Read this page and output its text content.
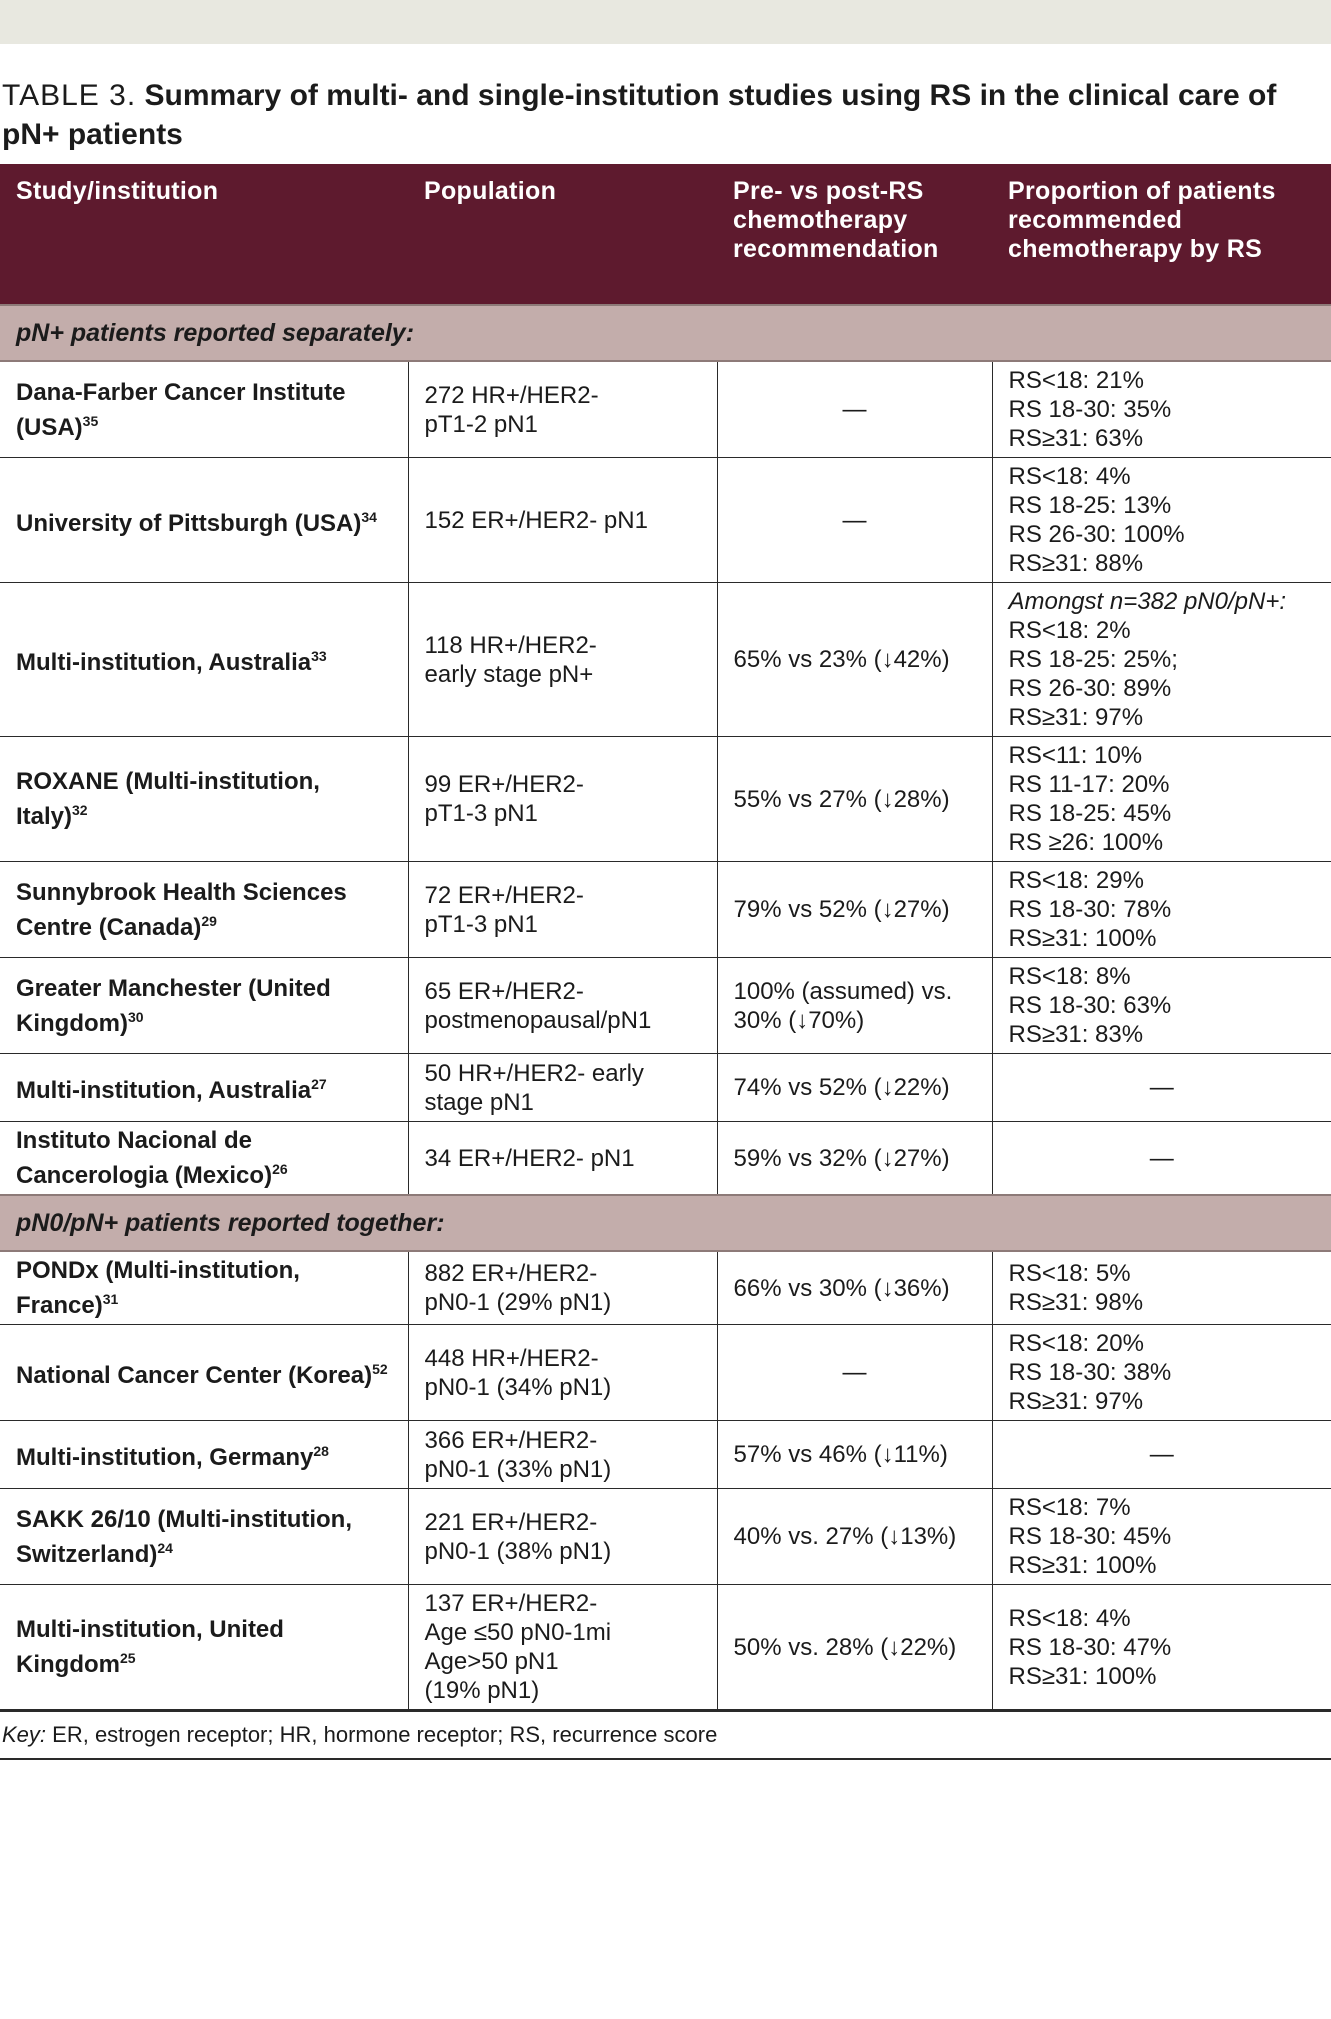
TABLE 3. Summary of multi- and single-institution studies using RS in the clinical care of pN+ patients
Study/institution	Population	Pre- vs post-RS chemotherapy recommendation	Proportion of patients recommended chemotherapy by RS
pN+ patients reported separately:			
Dana-Farber Cancer Institute (USA)$^{35}$	272 HR+/HER2-
pT1-2 pN1	—	RS<18: 21%
RS 18-30: 35%
RS≥31: 63%

University of Pittsburgh (USA)$^{34}$	152 ER+/HER2- pN1	—	RS<18: 4%
RS 18-25: 13%
RS 26-30: 100%
RS≥31: 88%

Multi-institution, Australia$^{33}$	118 HR+/HER2-
early stage pN+	65% vs 23% (↓42%)	Amongst n=382 pN0/pN+:
RS<18: 2%
RS 18-25: 25%;
RS 26-30: 89%
RS≥31: 97%

ROXANE (Multi-institution, Italy)$^{32}$	99 ER+/HER2-
pT1-3 pN1	55% vs 27% (↓28%)	RS<11: 10%
RS 11-17: 20%
RS 18-25: 45%
RS ≥26: 100%

Sunnybrook Health Sciences Centre (Canada)$^{29}$	72 ER+/HER2-
pT1-3 pN1	79% vs 52% (↓27%)	RS<18: 29%
RS 18-30: 78%
RS≥31: 100%

Greater Manchester (United Kingdom)$^{30}$	65 ER+/HER2-
postmenopausal/pN1	100% (assumed) vs. 30% (↓70%)	RS<18: 8%
RS 18-30: 63%
RS≥31: 83%

Multi-institution, Australia$^{27}$	50 HR+/HER2- early stage pN1	74% vs 52% (↓22%)	—
Instituto Nacional de Cancerologia (Mexico)$^{26}$	34 ER+/HER2- pN1	59% vs 32% (↓27%)	—
pN0/pN+ patients reported together:			
PONDx (Multi-institution, France)$^{31}$	882 ER+/HER2-
pN0-1 (29% pN1)	66% vs 30% (↓36%)	RS<18: 5%
RS≥31: 98%

National Cancer Center (Korea)$^{52}$	448 HR+/HER2-
pN0-1 (34% pN1)	—	RS<18: 20%
RS 18-30: 38%
RS≥31: 97%

Multi-institution, Germany$^{28}$	366 ER+/HER2-
pN0-1 (33% pN1)	57% vs 46% (↓11%)	—
SAKK 26/10 (Multi-institution, Switzerland)$^{24}$	221 ER+/HER2-
pN0-1 (38% pN1)	40% vs. 27% (↓13%)	RS<18: 7%
RS 18-30: 45%
RS≥31: 100%

Multi-institution, United Kingdom$^{25}$	137 ER+/HER2-
Age ≤50 pN0-1mi
Age>50 pN1
(19% pN1)	50% vs. 28% (↓22%)	RS<18: 4%
RS 18-30: 47%
RS≥31: 100%
Key: ER, estrogen receptor; HR, hormone receptor; RS, recurrence score
